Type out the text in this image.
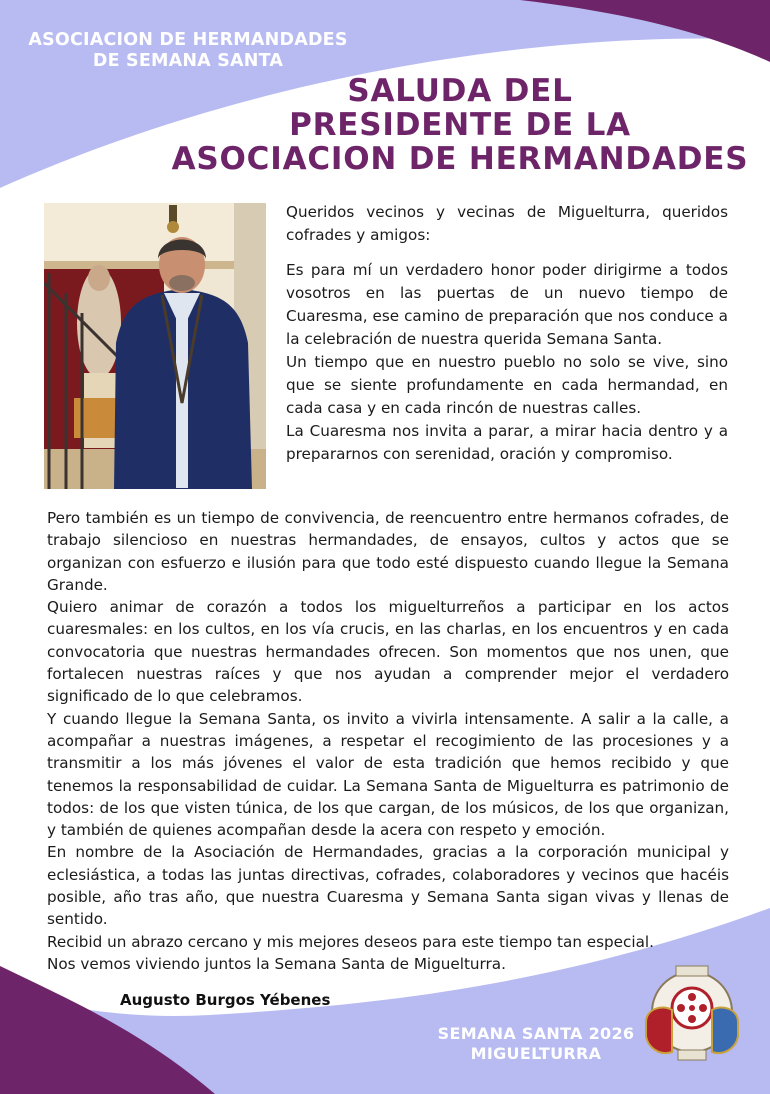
ASOCIACION DE HERMANDADES
DE SEMANA SANTA
SALUDA DEL
PRESIDENTE DE LA
ASOCIACION DE HERMANDADES

Queridos vecinos y vecinas de Miguelturra, queridos cofrades y amigos:

Es para mí un verdadero honor poder dirigirme a todos vosotros en las puertas de un nuevo tiempo de Cuaresma, ese camino de preparación que nos conduce a la celebración de nuestra querida Semana Santa.

Un tiempo que en nuestro pueblo no solo se vive, sino que se siente profundamente en cada hermandad, en cada casa y en cada rincón de nuestras calles.

La Cuaresma nos invita a parar, a mirar hacia dentro y a prepararnos con serenidad, oración y compromiso.

Pero también es un tiempo de convivencia, de reencuentro entre hermanos cofrades, de trabajo silencioso en nuestras hermandades, de ensayos, cultos y actos que se organizan con esfuerzo e ilusión para que todo esté dispuesto cuando llegue la Semana Grande.

Quiero animar de corazón a todos los miguelturreños a participar en los actos cuaresmales: en los cultos, en los vía crucis, en las charlas, en los encuentros y en cada convocatoria que nuestras hermandades ofrecen. Son momentos que nos unen, que fortalecen nuestras raíces y que nos ayudan a comprender mejor el verdadero significado de lo que celebramos.

Y cuando llegue la Semana Santa, os invito a vivirla intensamente. A salir a la calle, a acompañar a nuestras imágenes, a respetar el recogimiento de las procesiones y a transmitir a los más jóvenes el valor de esta tradición que hemos recibido y que tenemos la responsabilidad de cuidar. La Semana Santa de Miguelturra es patrimonio de todos: de los que visten túnica, de los que cargan, de los músicos, de los que organizan, y también de quienes acompañan desde la acera con respeto y emoción.

En nombre de la Asociación de Hermandades, gracias a la corporación municipal y eclesiástica, a todas las juntas directivas, cofrades, colaboradores y vecinos que hacéis posible, año tras año, que nuestra Cuaresma y Semana Santa sigan vivas y llenas de sentido.

Recibid un abrazo cercano y mis mejores deseos para este tiempo tan especial.

Nos vemos viviendo juntos la Semana Santa de Miguelturra.

Augusto Burgos Yébenes
SEMANA SANTA 2026
MIGUELTURRA
